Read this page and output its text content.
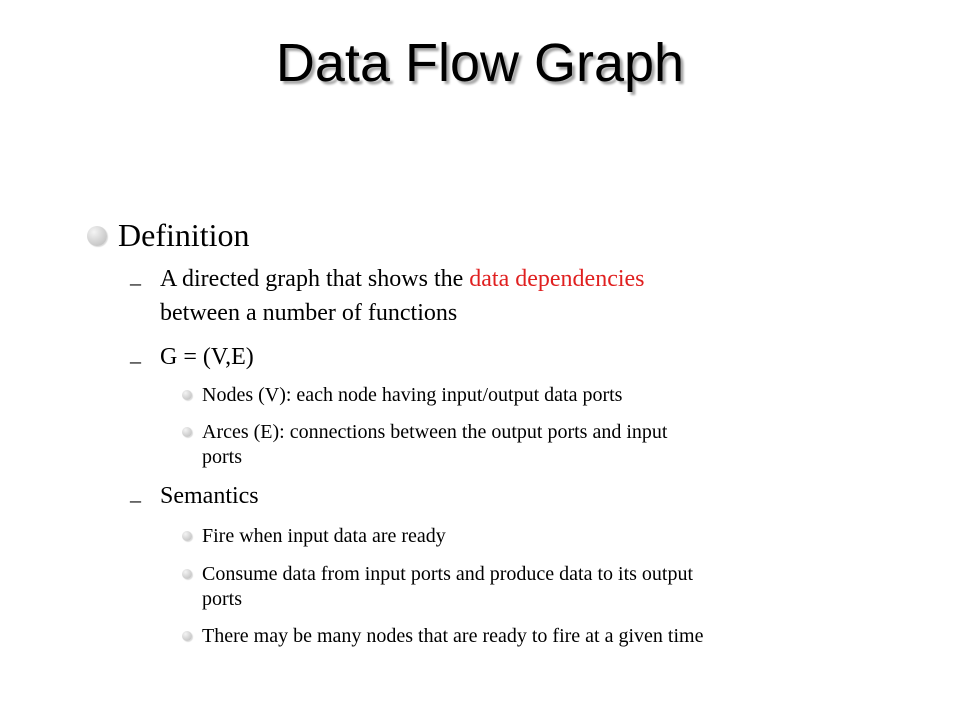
Data Flow Graph
Definition
– A directed graph that shows the data dependencies
between a number of functions
– G = (V,E)
Nodes (V): each node having input/output data ports
Arces (E): connections between the output ports and input
ports
– Semantics
Fire when input data are ready
Consume data from input ports and produce data to its output
ports
There may be many nodes that are ready to fire at a given time
